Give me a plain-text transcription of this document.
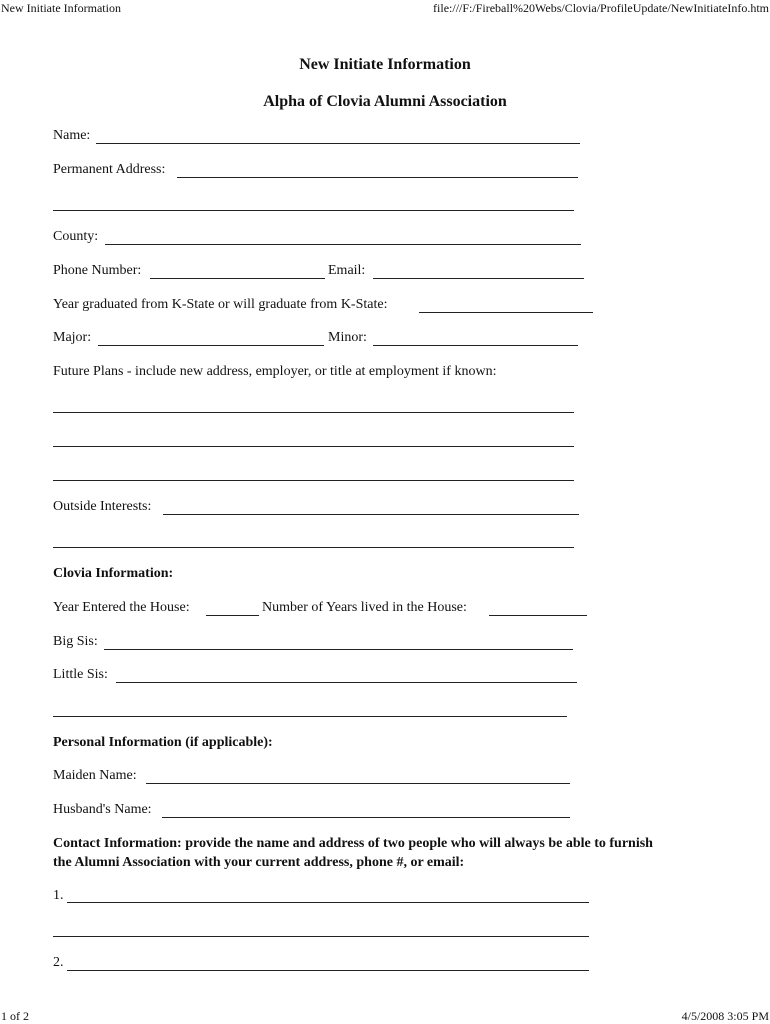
New Initiate Information	file:///F:/Fireball%20Webs/Clovia/ProfileUpdate/NewInitiateInfo.htm
New Initiate Information
Alpha of Clovia Alumni Association
Name:
Permanent Address:
County:
Phone Number:	Email:
Year graduated from K-State or will graduate from K-State:
Major:	Minor:
Future Plans - include new address, employer, or title at employment if known:
Outside Interests:
Clovia Information:
Year Entered the House:	Number of Years lived in the House:
Big Sis:
Little Sis:
Personal Information (if applicable):
Maiden Name:
Husband's Name:
Contact Information: provide the name and address of two people who will always be able to furnish
the Alumni Association with your current address, phone #, or email:
1.
2.
1 of 2	4/5/2008 3:05 PM
